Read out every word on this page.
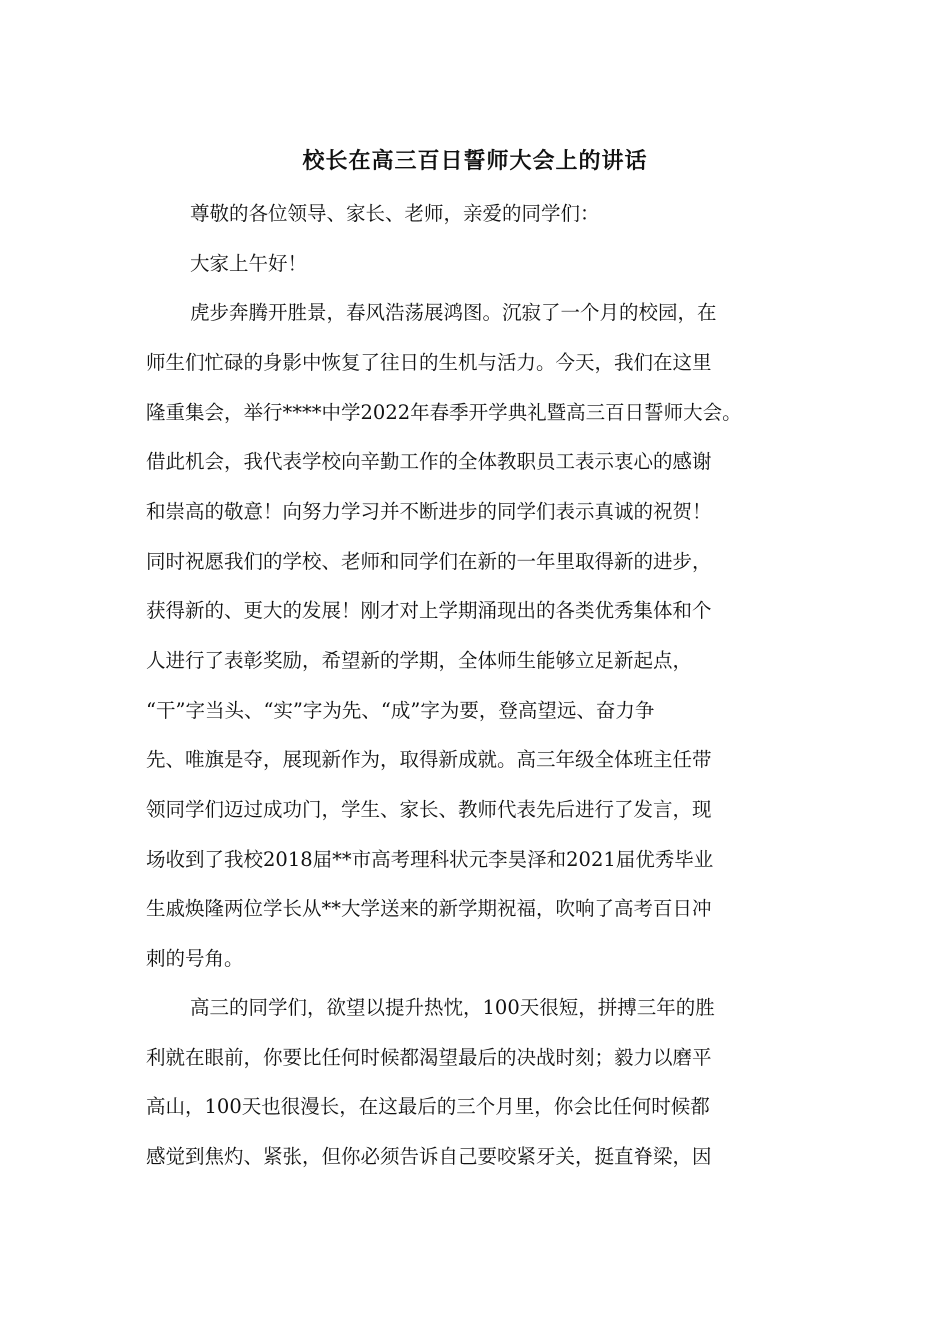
校长在高三百日誓师大会上的讲话

尊敬的各位领导、家长、老师，亲爱的同学们：

大家上午好！

虎步奔腾开胜景，春风浩荡展鸿图。沉寂了一个月的校园，在

师生们忙碌的身影中恢复了往日的生机与活力。今天，我们在这里

隆重集会，举行****中学2022年春季开学典礼暨高三百日誓师大会。

借此机会，我代表学校向辛勤工作的全体教职员工表示衷心的感谢

和崇高的敬意！向努力学习并不断进步的同学们表示真诚的祝贺！

同时祝愿我们的学校、老师和同学们在新的一年里取得新的进步，

获得新的、更大的发展！刚才对上学期涌现出的各类优秀集体和个

人进行了表彰奖励，希望新的学期，全体师生能够立足新起点，

“干”字当头、“实”字为先、“成”字为要，登高望远、奋力争

先、唯旗是夺，展现新作为，取得新成就。高三年级全体班主任带

领同学们迈过成功门，学生、家长、教师代表先后进行了发言，现

场收到了我校2018届**市高考理科状元李昊泽和2021届优秀毕业

生戚焕隆两位学长从**大学送来的新学期祝福，吹响了高考百日冲

刺的号角。

高三的同学们，欲望以提升热忱，100天很短，拼搏三年的胜

利就在眼前，你要比任何时候都渴望最后的决战时刻；毅力以磨平

高山，100天也很漫长，在这最后的三个月里，你会比任何时候都

感觉到焦灼、紧张，但你必须告诉自己要咬紧牙关，挺直脊梁，因
